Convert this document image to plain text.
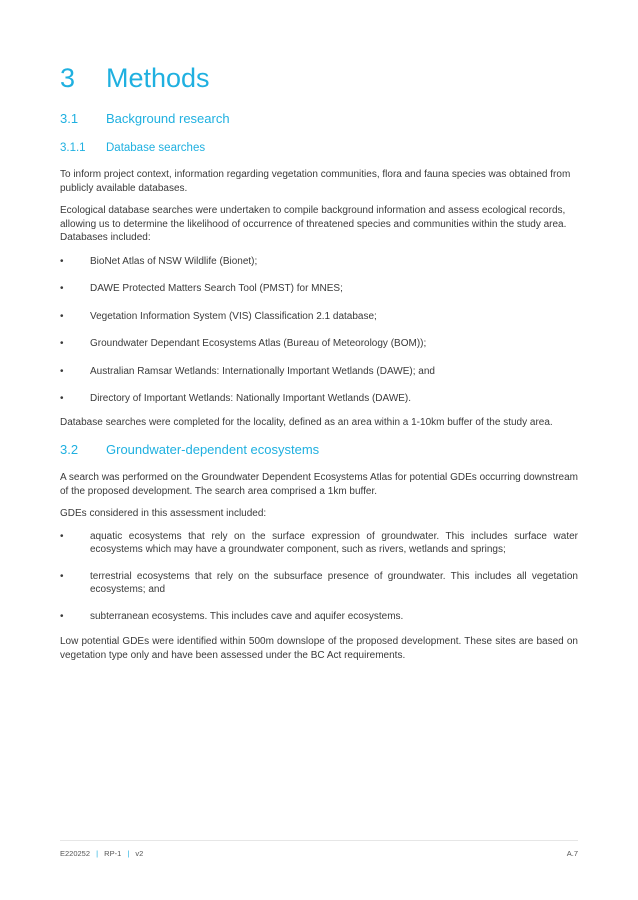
3	Methods
3.1	Background research
3.1.1	Database searches

To inform project context, information regarding vegetation communities, flora and fauna species was obtained from publicly available databases.

Ecological database searches were undertaken to compile background information and assess ecological records, allowing us to determine the likelihood of occurrence of threatened species and communities within the study area. Databases included:

•	BioNet Atlas of NSW Wildlife (Bionet);
•	DAWE Protected Matters Search Tool (PMST) for MNES;
•	Vegetation Information System (VIS) Classification 2.1 database;
•	Groundwater Dependant Ecosystems Atlas (Bureau of Meteorology (BOM));
•	Australian Ramsar Wetlands: Internationally Important Wetlands (DAWE); and
•	Directory of Important Wetlands: Nationally Important Wetlands (DAWE).

Database searches were completed for the locality, defined as an area within a 1-10km buffer of the study area.

3.2	Groundwater-dependent ecosystems

A search was performed on the Groundwater Dependent Ecosystems Atlas for potential GDEs occurring downstream of the proposed development. The search area comprised a 1km buffer.

GDEs considered in this assessment included:

•	aquatic ecosystems that rely on the surface expression of groundwater. This includes surface water ecosystems which may have a groundwater component, such as rivers, wetlands and springs;
•	terrestrial ecosystems that rely on the subsurface presence of groundwater. This includes all vegetation ecosystems; and
•	subterranean ecosystems. This includes cave and aquifer ecosystems.

Low potential GDEs were identified within 500m downslope of the proposed development. These sites are based on vegetation type only and have been assessed under the BC Act requirements.

E220252 | RP-1 | v2	A.7
